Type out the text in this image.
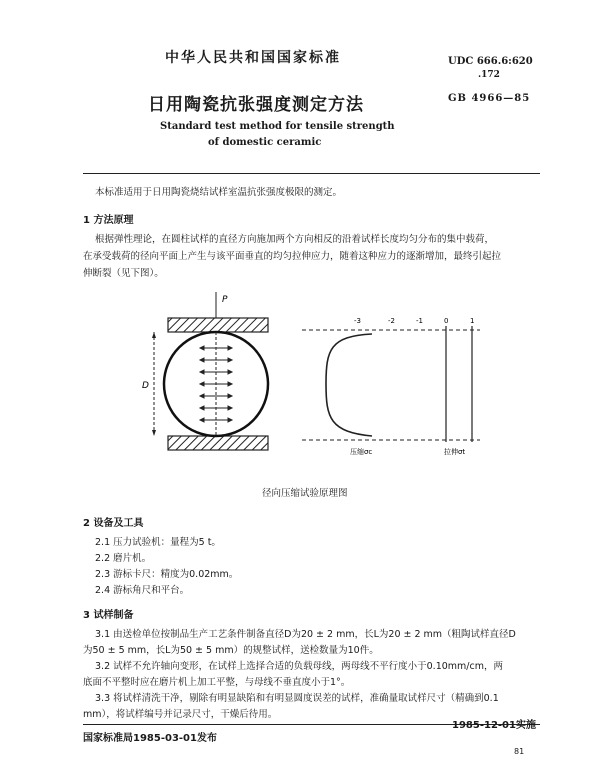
中华人民共和国国家标准	UDC 666.6:620
.172
日用陶瓷抗张强度测定方法	GB 4966—85
Standard test method for tensile strength
of domestic ceramic
本标准适用于日用陶瓷烧结试样室温抗张强度极限的测定。
1 方法原理
根据弹性理论，在圆柱试样的直径方向施加两个方向相反的沿着试样长度均匀分布的集中载荷，
在承受载荷的径向平面上产生与该平面垂直的均匀拉伸应力，随着这种应力的逐渐增加，最终引起拉
伸断裂（见下图）。
P
D
-3	-2	-1	0	1
压缩σc	拉伸σt
径向压缩试验原理图
2 设备及工具
2.1 压力试验机：量程为5 t。
2.2 磨片机。
2.3 游标卡尺：精度为0.02mm。
2.4 游标角尺和平台。
3 试样制备
3.1 由送检单位按制品生产工艺条件制备直径D为20 ± 2 mm，长L为20 ± 2 mm（粗陶试样直径D
为50 ± 5 mm，长L为50 ± 5 mm）的规整试样，送检数量为10件。
3.2 试样不允许轴向变形，在试样上选择合适的负载母线，两母线不平行度小于0.10mm/cm，两
底面不平整时应在磨片机上加工平整，与母线不垂直度小于1°。
3.3 将试样清洗干净，剔除有明显缺陷和有明显圆度误差的试样，准确量取试样尺寸（精确到0.1
mm），将试样编号并记录尺寸，干燥后待用。
国家标准局1985-03-01发布
1985-12-01实施
81
